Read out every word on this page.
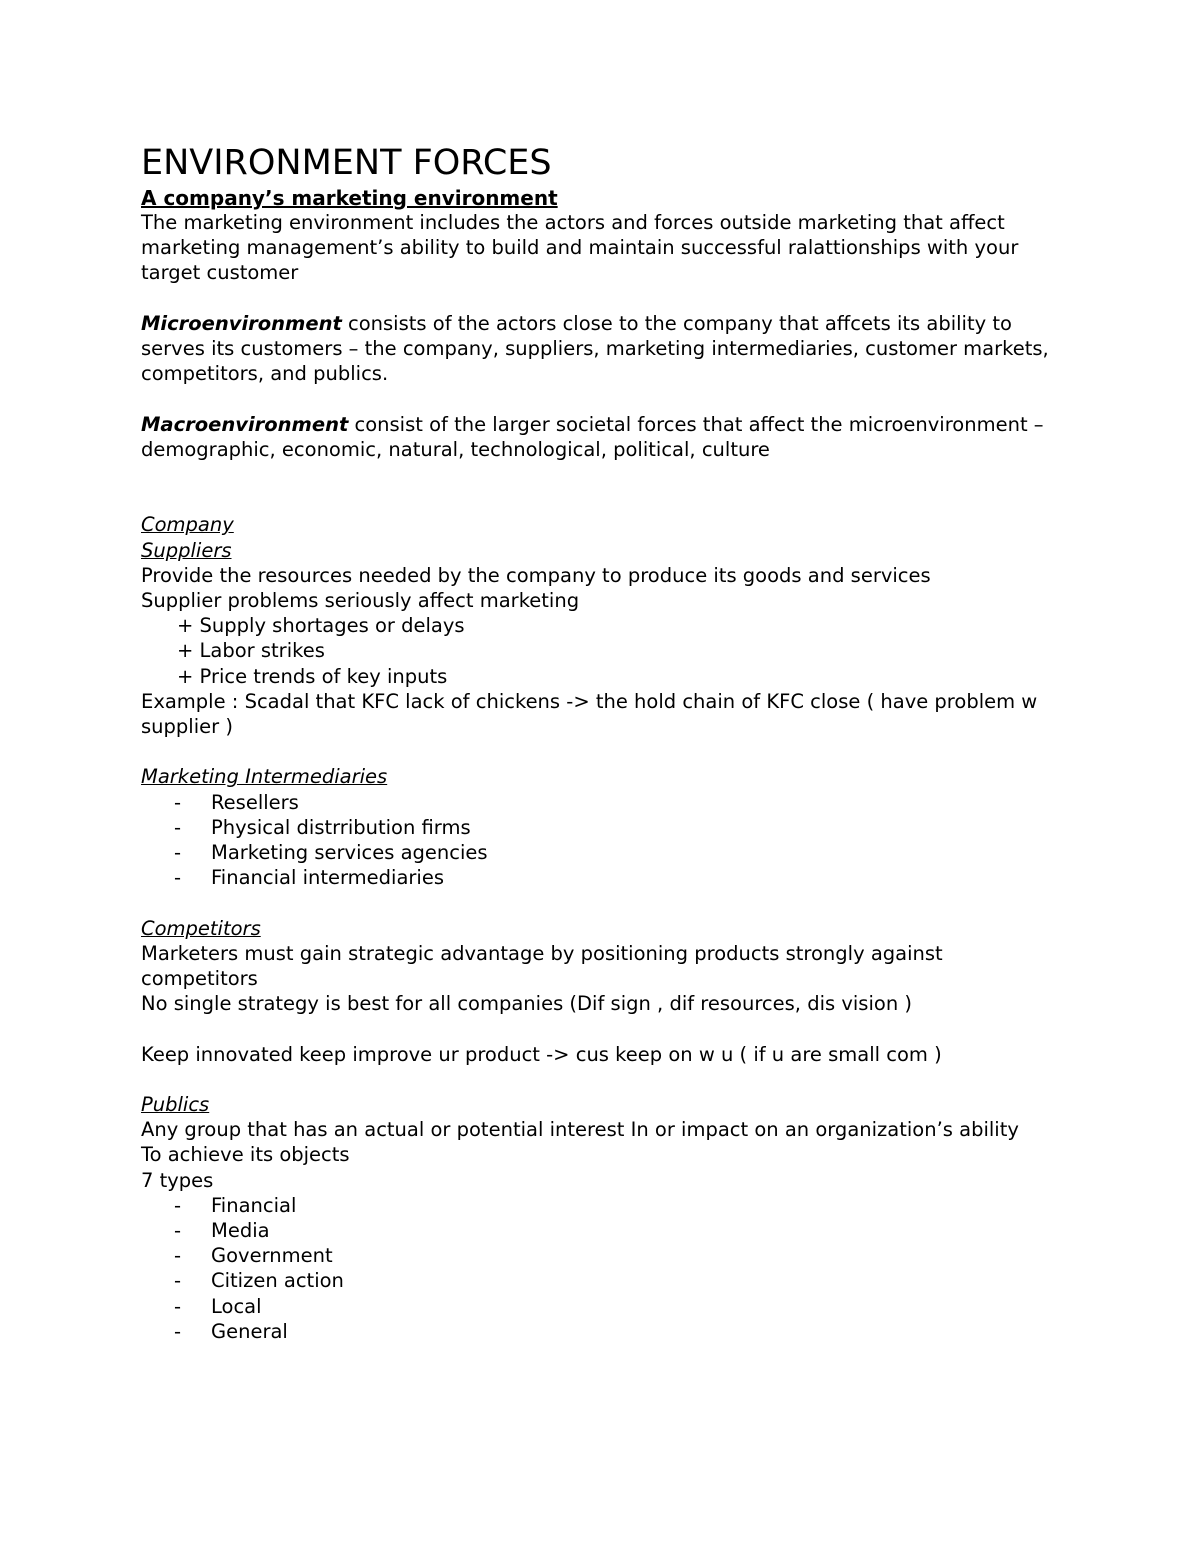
ENVIRONMENT FORCES
A company’s marketing environment

The marketing environment includes the actors and forces outside marketing that affect marketing management’s ability to build and maintain successful ralattionships with your target customer

Microenvironment consists of the actors close to the company that affcets its ability to serves its customers – the company, suppliers, marketing intermediaries, customer markets, competitors, and publics.

Macroenvironment consist of the larger societal forces that affect the microenvironment – demographic, economic, natural, technological, political, culture

Company

Suppliers

Provide the resources needed by the company to produce its goods and services

Supplier problems seriously affect marketing

+ Supply shortages or delays
+ Labor strikes
+ Price trends of key inputs

Example : Scadal that KFC lack of chickens -> the hold chain of KFC close ( have problem w supplier )

Marketing Intermediaries

- Resellers
- Physical distrribution firms
- Marketing services agencies
- Financial intermediaries

Competitors

Marketers must gain strategic advantage by positioning products strongly against competitors

No single strategy is best for all companies (Dif sign , dif resources, dis vision )

Keep innovated keep improve ur product -> cus keep on w u ( if u are small com )

Publics

Any group that has an actual or potential interest In or impact on an organization’s ability

To achieve its objects

7 types

- Financial
- Media
- Government
- Citizen action
- Local
- General
